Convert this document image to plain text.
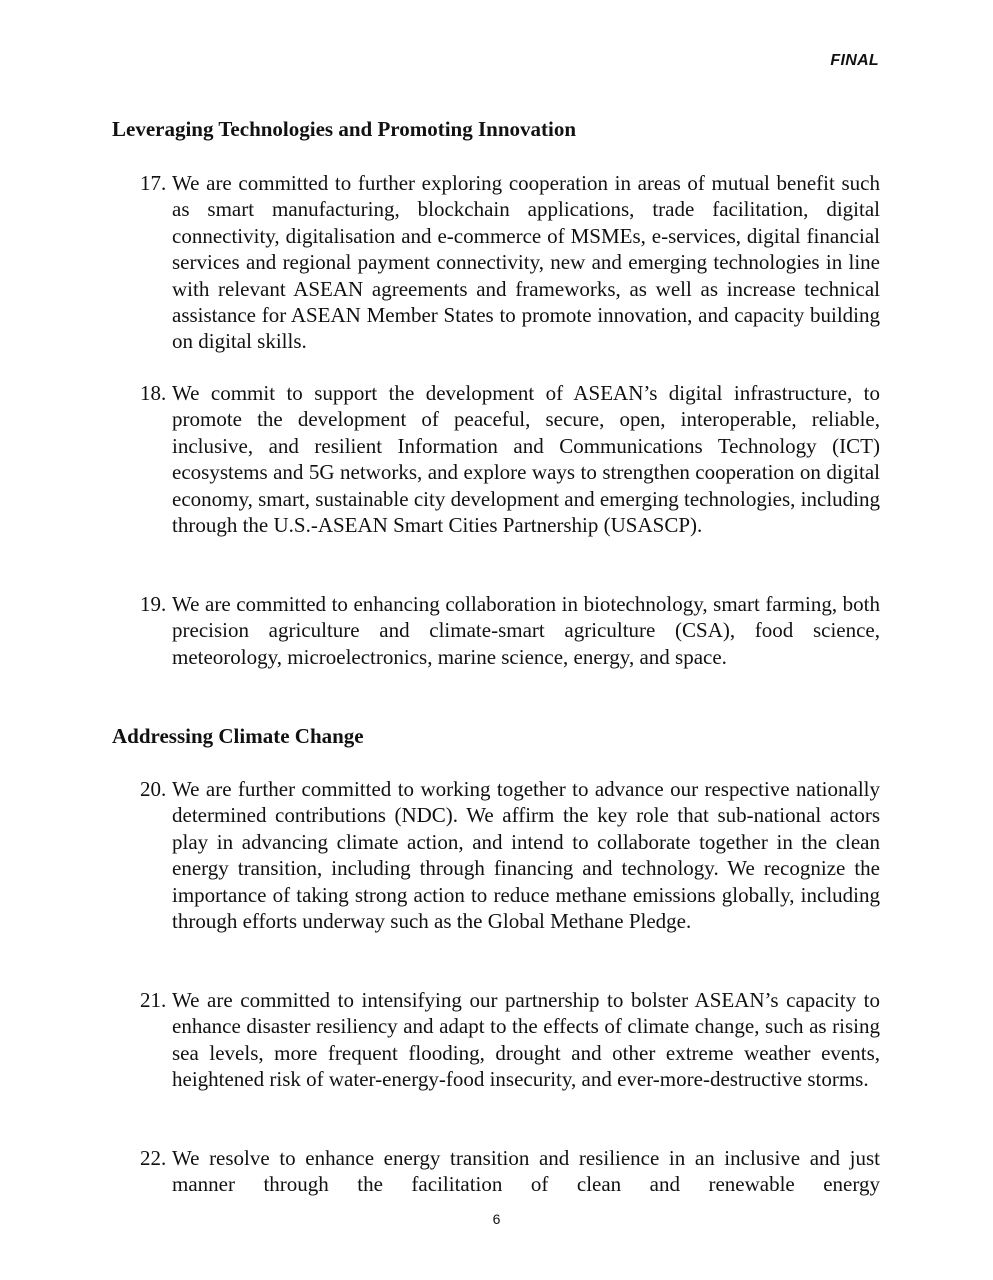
FINAL
Leveraging Technologies and Promoting Innovation
17. We are committed to further exploring cooperation in areas of mutual benefit such as smart manufacturing, blockchain applications, trade facilitation, digital connectivity, digitalisation and e-commerce of MSMEs, e-services, digital financial services and regional payment connectivity, new and emerging technologies in line with relevant ASEAN agreements and frameworks, as well as increase technical assistance for ASEAN Member States to promote innovation, and capacity building on digital skills.
18. We commit to support the development of ASEAN’s digital infrastructure, to promote the development of peaceful, secure, open, interoperable, reliable, inclusive, and resilient Information and Communications Technology (ICT) ecosystems and 5G networks, and explore ways to strengthen cooperation on digital economy, smart, sustainable city development and emerging technologies, including through the U.S.-ASEAN Smart Cities Partnership (USASCP).
19. We are committed to enhancing collaboration in biotechnology, smart farming, both precision agriculture and climate-smart agriculture (CSA), food science, meteorology, microelectronics, marine science, energy, and space.
Addressing Climate Change
20. We are further committed to working together to advance our respective nationally determined contributions (NDC). We affirm the key role that sub-national actors play in advancing climate action, and intend to collaborate together in the clean energy transition, including through financing and technology. We recognize the importance of taking strong action to reduce methane emissions globally, including through efforts underway such as the Global Methane Pledge.
21. We are committed to intensifying our partnership to bolster ASEAN’s capacity to enhance disaster resiliency and adapt to the effects of climate change, such as rising sea levels, more frequent flooding, drought and other extreme weather events, heightened risk of water-energy-food insecurity, and ever-more-destructive storms.
22. We resolve to enhance energy transition and resilience in an inclusive and just manner through the facilitation of clean and renewable energy
6
